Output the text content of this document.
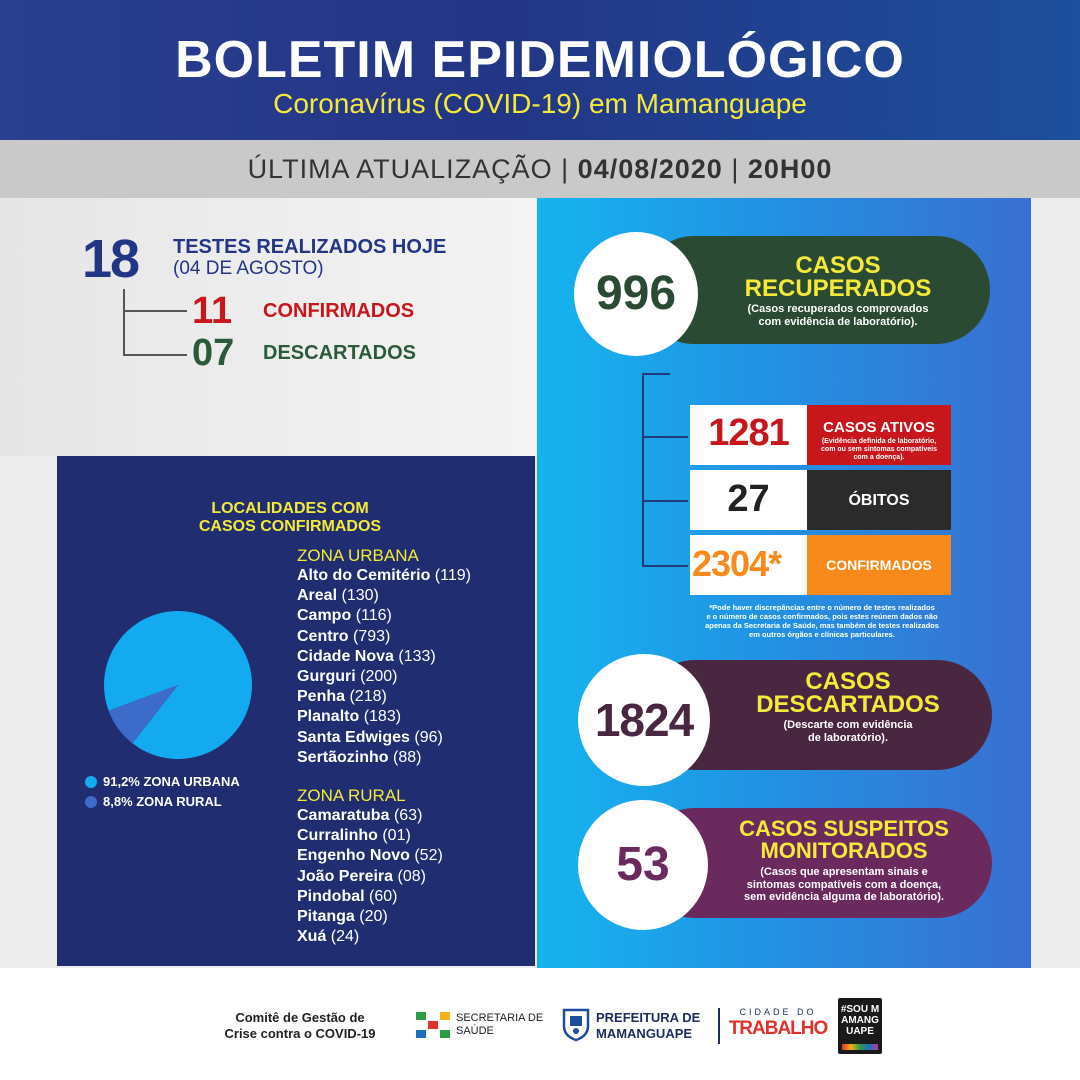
BOLETIM EPIDEMIOLÓGICO
Coronavírus (COVID-19) em Mamanguape
ÚLTIMA ATUALIZAÇÃO | 04/08/2020 | 20H00
18 TESTES REALIZADOS HOJE
(04 DE AGOSTO)
11 CONFIRMADOS
07 DESCARTADOS
LOCALIDADES COM
CASOS CONFIRMADOS
91,2% ZONA URBANA
8,8% ZONA RURAL
ZONA URBANA
Alto do Cemitério (119)
Areal (130)
Campo (116)
Centro (793)
Cidade Nova (133)
Gurguri (200)
Penha (218)
Planalto (183)
Santa Edwiges (96)
Sertãozinho (88)
ZONA RURAL
Camaratuba (63)
Curralinho (01)
Engenho Novo (52)
João Pereira (08)
Pindobal (60)
Pitanga (20)
Xuá (24)
996
CASOS
RECUPERADOS
(Casos recuperados comprovados
com evidência de laboratório).
1281	CASOS ATIVOS
(Evidência definida de laboratório,
com ou sem sintomas compatíveis
com a doença).
27	ÓBITOS
2304*	CONFIRMADOS
*Pode haver discrepâncias entre o número de testes realizados
e o número de casos confirmados, pois estes reúnem dados não
apenas da Secretaria de Saúde, mas também de testes realizados
em outros órgãos e clínicas particulares.
1824
CASOS
DESCARTADOS
(Descarte com evidência
de laboratório).
53
CASOS SUSPEITOS
MONITORADOS
(Casos que apresentam sinais e
sintomas compatíveis com a doença,
sem evidência alguma de laboratório).
Comitê de Gestão de
Crise contra o COVID-19
SECRETARIA DE
SAÚDE
PREFEITURA DE
MAMANGUAPE
CIDADE DO
TRABALHO
#SOU MAMANGUAPE
